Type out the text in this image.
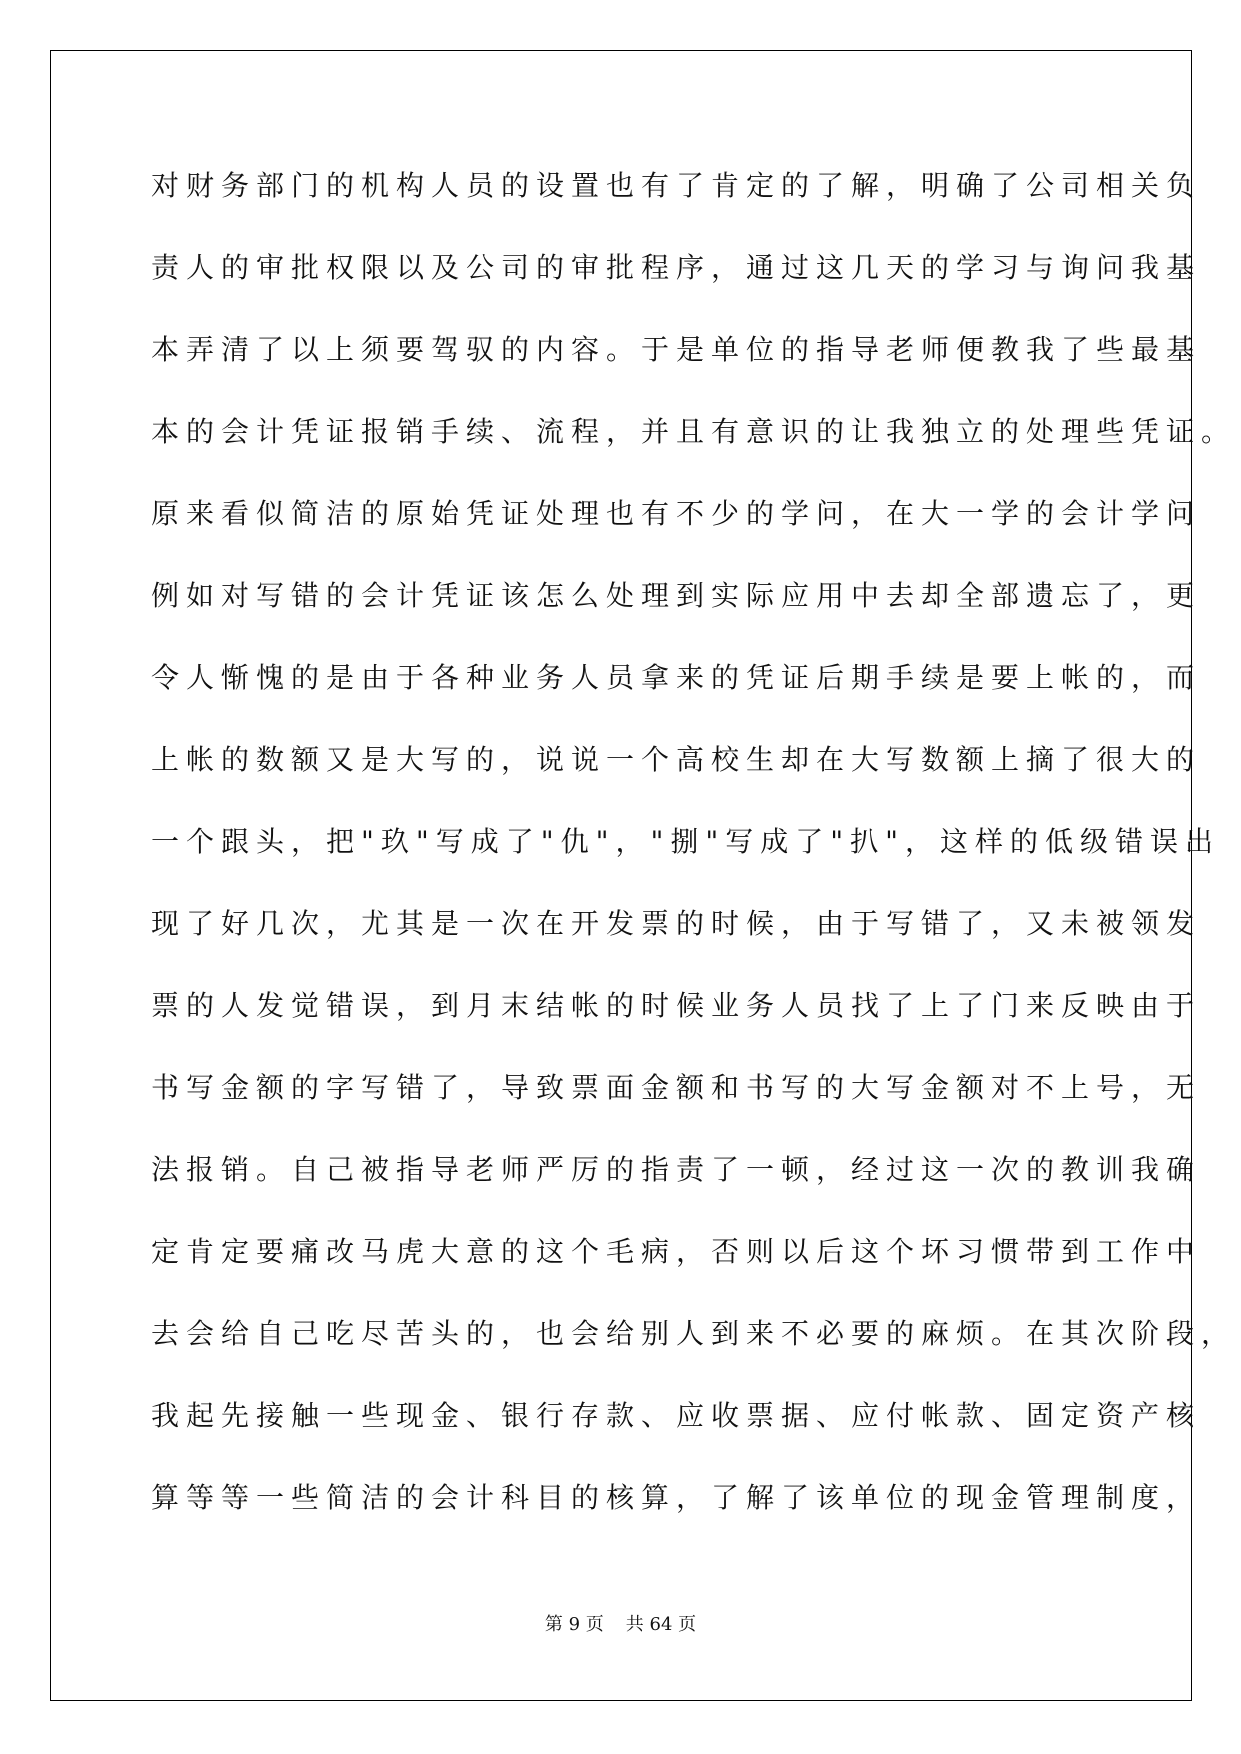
对财务部门的机构人员的设置也有了肯定的了解，明确了公司相关负
责人的审批权限以及公司的审批程序，通过这几天的学习与询问我基
本弄清了以上须要驾驭的内容。于是单位的指导老师便教我了些最基
本的会计凭证报销手续、流程，并且有意识的让我独立的处理些凭证。
原来看似简洁的原始凭证处理也有不少的学问，在大一学的会计学问
例如对写错的会计凭证该怎么处理到实际应用中去却全部遗忘了，更
令人惭愧的是由于各种业务人员拿来的凭证后期手续是要上帐的，而
上帐的数额又是大写的，说说一个高校生却在大写数额上摘了很大的
一个跟头，把"玖"写成了"仇"，"捌"写成了"扒"，这样的低级错误出
现了好几次，尤其是一次在开发票的时候，由于写错了，又未被领发
票的人发觉错误，到月末结帐的时候业务人员找了上了门来反映由于
书写金额的字写错了，导致票面金额和书写的大写金额对不上号，无
法报销。自己被指导老师严厉的指责了一顿，经过这一次的教训我确
定肯定要痛改马虎大意的这个毛病，否则以后这个坏习惯带到工作中
去会给自己吃尽苦头的，也会给别人到来不必要的麻烦。在其次阶段，
我起先接触一些现金、银行存款、应收票据、应付帐款、固定资产核
算等等一些简洁的会计科目的核算，了解了该单位的现金管理制度，
第 9 页 共 64 页
